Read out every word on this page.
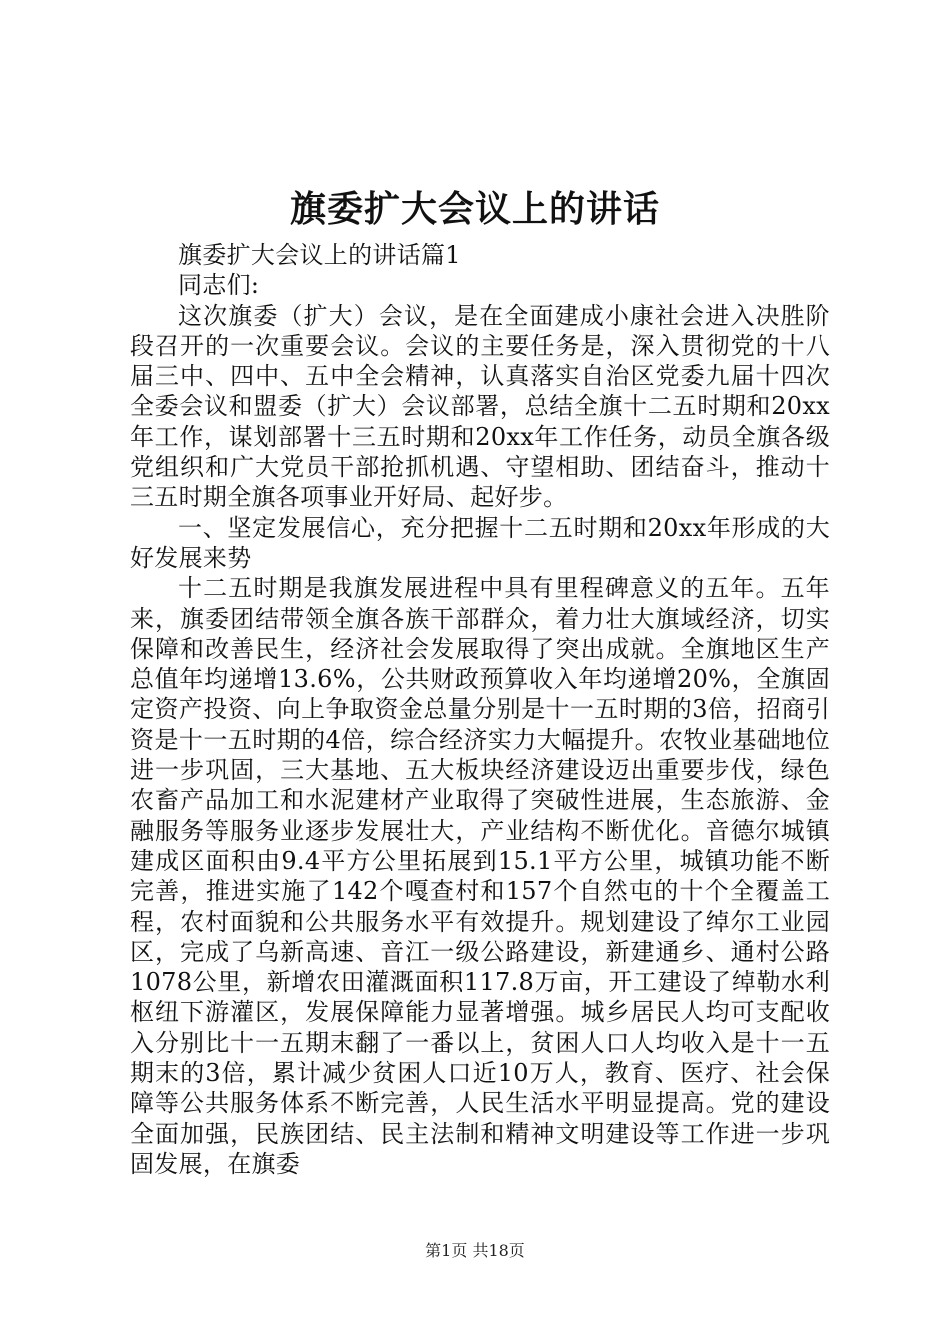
旗委扩大会议上的讲话

旗委扩大会议上的讲话篇1

同志们:

这次旗委（扩大）会议，是在全面建成小康社会进入决胜阶段召开的一次重要会议。会议的主要任务是，深入贯彻党的十八届三中、四中、五中全会精神，认真落实自治区党委九届十四次全委会议和盟委（扩大）会议部署，总结全旗十二五时期和20xx年工作，谋划部署十三五时期和20xx年工作任务，动员全旗各级党组织和广大党员干部抢抓机遇、守望相助、团结奋斗，推动十三五时期全旗各项事业开好局、起好步。

一、坚定发展信心，充分把握十二五时期和20xx年形成的大好发展来势

十二五时期是我旗发展进程中具有里程碑意义的五年。五年来，旗委团结带领全旗各族干部群众，着力壮大旗域经济，切实保障和改善民生，经济社会发展取得了突出成就。全旗地区生产总值年均递增13.6%，公共财政预算收入年均递增20%，全旗固定资产投资、向上争取资金总量分别是十一五时期的3倍，招商引资是十一五时期的4倍，综合经济实力大幅提升。农牧业基础地位进一步巩固，三大基地、五大板块经济建设迈出重要步伐，绿色农畜产品加工和水泥建材产业取得了突破性进展，生态旅游、金融服务等服务业逐步发展壮大，产业结构不断优化。音德尔城镇建成区面积由9.4平方公里拓展到15.1平方公里，城镇功能不断完善，推进实施了142个嘎查村和157个自然屯的十个全覆盖工程，农村面貌和公共服务水平有效提升。规划建设了绰尔工业园区，完成了乌新高速、音江一级公路建设，新建通乡、通村公路1078公里，新增农田灌溉面积117.8万亩，开工建设了绰勒水利枢纽下游灌区，发展保障能力显著增强。城乡居民人均可支配收入分别比十一五期末翻了一番以上，贫困人口人均收入是十一五期末的3倍，累计减少贫困人口近10万人，教育、医疗、社会保障等公共服务体系不断完善，人民生活水平明显提高。党的建设全面加强，民族团结、民主法制和精神文明建设等工作进一步巩固发展，在旗委

第1页 共18页
